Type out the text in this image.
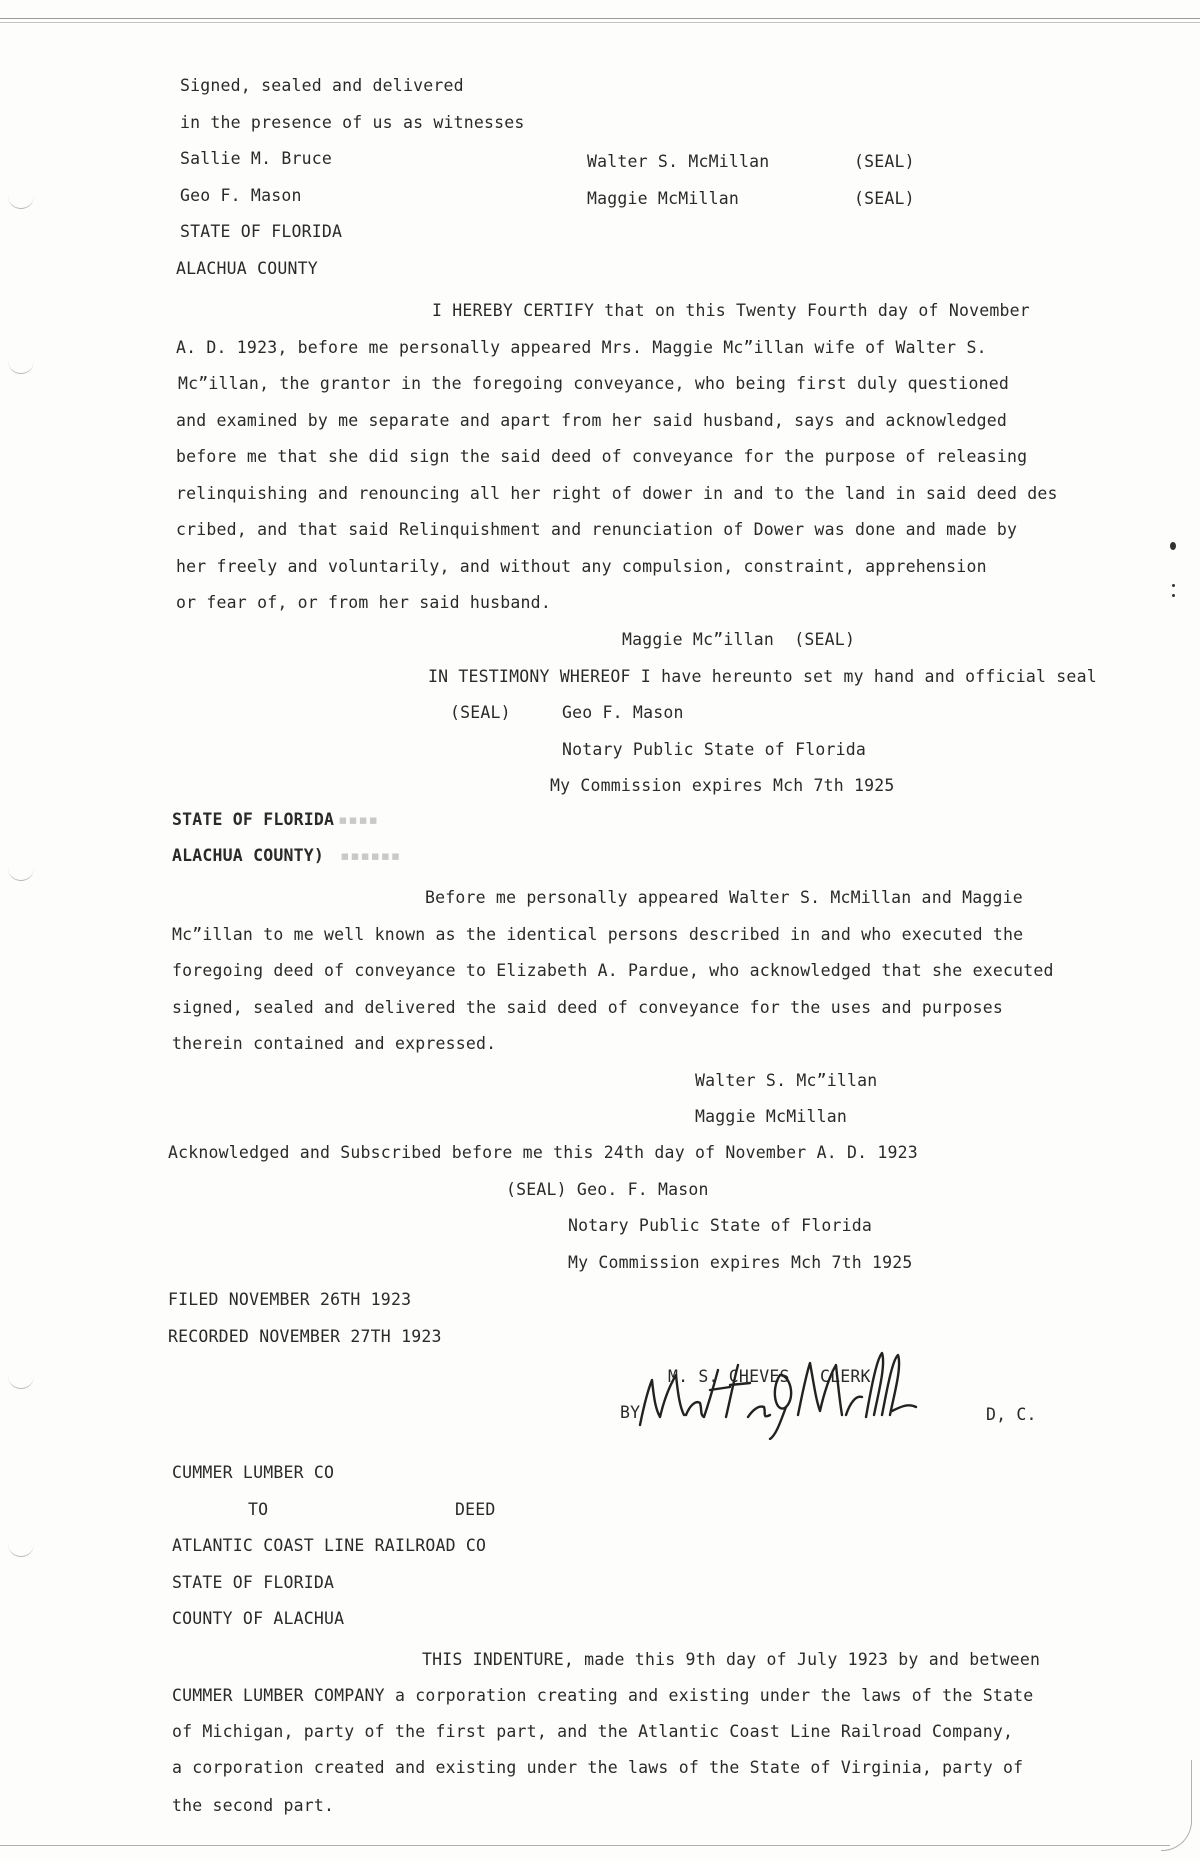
Signed, sealed and delivered
in the presence of us as witnesses
Sallie M. Bruce	Walter S. McMillan	(SEAL)
Geo F. Mason	Maggie McMillan	(SEAL)
STATE OF FLORIDA
ALACHUA COUNTY
I HEREBY CERTIFY that on this Twenty Fourth day of November
A. D. 1923, before me personally appeared Mrs. Maggie Mc”illan wife of Walter S.
Mc”illan, the grantor in the foregoing conveyance, who being first duly questioned
and examined by me separate and apart from her said husband, says and acknowledged
before me that she did sign the said deed of conveyance for the purpose of releasing
relinquishing and renouncing all her right of dower in and to the land in said deed des
cribed, and that said Relinquishment and renunciation of Dower was done and made by
her freely and voluntarily, and without any compulsion, constraint, apprehension
or fear of, or from her said husband.
Maggie Mc”illan  (SEAL)
IN TESTIMONY WHEREOF I have hereunto set my hand and official seal
(SEAL)	Geo F. Mason
Notary Public State of Florida
My Commission expires Mch 7th 1925
STATE OF FLORIDA ▪▪▪▪
ALACHUA COUNTY) ▪▪▪▪▪▪
Before me personally appeared Walter S. McMillan and Maggie
Mc”illan to me well known as the identical persons described in and who executed the
foregoing deed of conveyance to Elizabeth A. Pardue, who acknowledged that she executed
signed, sealed and delivered the said deed of conveyance for the uses and purposes
therein contained and expressed.
Walter S. Mc”illan
Maggie McMillan
Acknowledged and Subscribed before me this 24th day of November A. D. 1923
(SEAL) Geo. F. Mason
Notary Public State of Florida
My Commission expires Mch 7th 1925
FILED NOVEMBER 26TH 1923
RECORDED NOVEMBER 27TH 1923
M. S. CHEVES   CLERK
BY	D, C.
CUMMER LUMBER CO
TO	DEED
ATLANTIC COAST LINE RAILROAD CO
STATE OF FLORIDA
COUNTY OF ALACHUA
THIS INDENTURE, made this 9th day of July 1923 by and between
CUMMER LUMBER COMPANY a corporation creating and existing under the laws of the State
of Michigan, party of the first part, and the Atlantic Coast Line Railroad Company,
a corporation created and existing under the laws of the State of Virginia, party of
the second part.
